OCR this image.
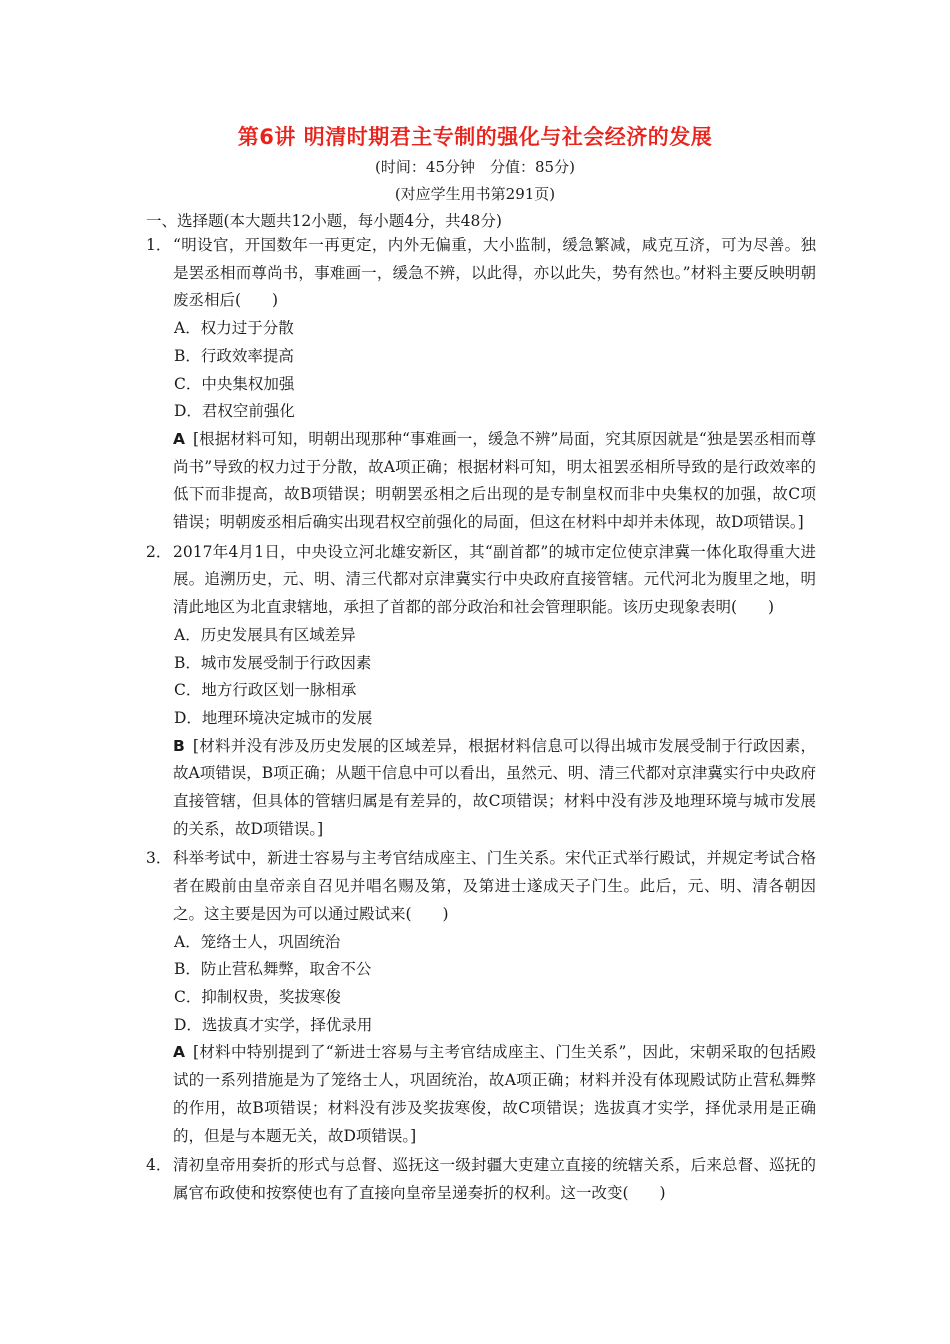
第6讲 明清时期君主专制的强化与社会经济的发展
(时间：45分钟　分值：85分)
(对应学生用书第291页)
一、选择题(本大题共12小题，每小题4分，共48分)
1． “明设官，开国数年一再更定，内外无偏重，大小监制，缓急繁减，咸克互济，可为尽善。独是罢丞相而尊尚书，事难画一，缓急不辨，以此得，亦以此失，势有然也。”材料主要反映明朝废丞相后(　　)
A．权力过于分散
B．行政效率提高
C．中央集权加强
D．君权空前强化
A [根据材料可知，明朝出现那种“事难画一，缓急不辨”局面，究其原因就是“独是罢丞相而尊尚书”导致的权力过于分散，故A项正确；根据材料可知，明太祖罢丞相所导致的是行政效率的低下而非提高，故B项错误；明朝罢丞相之后出现的是专制皇权而非中央集权的加强，故C项错误；明朝废丞相后确实出现君权空前强化的局面，但这在材料中却并未体现，故D项错误。]
2． 2017年4月1日，中央设立河北雄安新区，其“副首都”的城市定位使京津冀一体化取得重大进展。追溯历史，元、明、清三代都对京津冀实行中央政府直接管辖。元代河北为腹里之地，明清此地区为北直隶辖地，承担了首都的部分政治和社会管理职能。该历史现象表明(　　)
A．历史发展具有区域差异
B．城市发展受制于行政因素
C．地方行政区划一脉相承
D．地理环境决定城市的发展
B [材料并没有涉及历史发展的区域差异，根据材料信息可以得出城市发展受制于行政因素，故A项错误，B项正确；从题干信息中可以看出，虽然元、明、清三代都对京津冀实行中央政府直接管辖，但具体的管辖归属是有差异的，故C项错误；材料中没有涉及地理环境与城市发展的关系，故D项错误。]
3． 科举考试中，新进士容易与主考官结成座主、门生关系。宋代正式举行殿试，并规定考试合格者在殿前由皇帝亲自召见并唱名赐及第，及第进士遂成天子门生。此后，元、明、清各朝因之。这主要是因为可以通过殿试来(　　)
A．笼络士人，巩固统治
B．防止营私舞弊，取舍不公
C．抑制权贵，奖拔寒俊
D．选拔真才实学，择优录用
A [材料中特别提到了“新进士容易与主考官结成座主、门生关系”，因此，宋朝采取的包括殿试的一系列措施是为了笼络士人，巩固统治，故A项正确；材料并没有体现殿试防止营私舞弊的作用，故B项错误；材料没有涉及奖拔寒俊，故C项错误；选拔真才实学，择优录用是正确的，但是与本题无关，故D项错误。]
4． 清初皇帝用奏折的形式与总督、巡抚这一级封疆大吏建立直接的统辖关系，后来总督、巡抚的属官布政使和按察使也有了直接向皇帝呈递奏折的权利。这一改变(　　)
